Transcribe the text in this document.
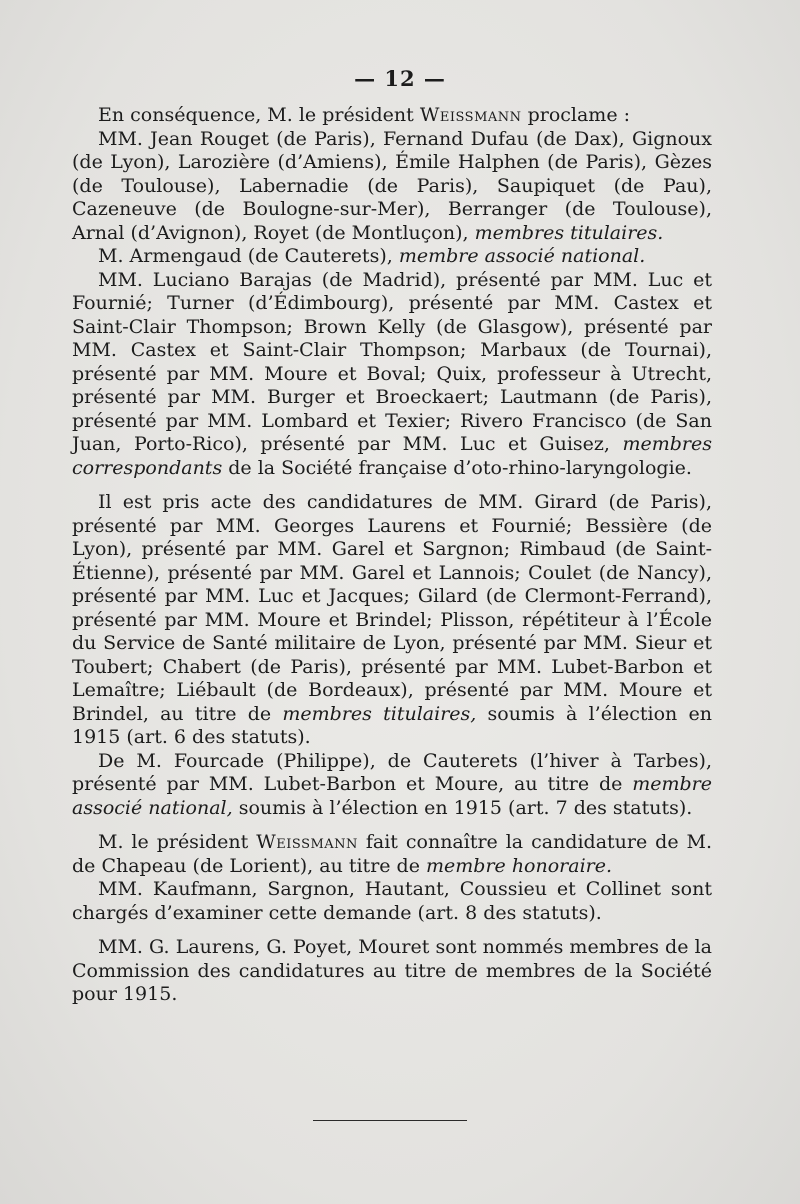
— 12 —

En conséquence, M. le président Weissmann proclame :

MM. Jean Rouget (de Paris), Fernand Dufau (de Dax), Gignoux (de Lyon), Larozière (d’Amiens), Émile Halphen (de Paris), Gèzes (de Toulouse), Labernadie (de Paris), Saupiquet (de Pau), Cazeneuve (de Boulogne-sur-Mer), Berranger (de Toulouse), Arnal (d’Avignon), Royet (de Montluçon), membres titulaires.

M. Armengaud (de Cauterets), membre associé national.

MM. Luciano Barajas (de Madrid), présenté par MM. Luc et Fournié; Turner (d’Édimbourg), présenté par MM. Castex et Saint-Clair Thompson; Brown Kelly (de Glasgow), présenté par MM. Castex et Saint-Clair Thompson; Marbaux (de Tournai), présenté par MM. Moure et Boval; Quix, professeur à Utrecht, présenté par MM. Burger et Broeckaert; Lautmann (de Paris), présenté par MM. Lombard et Texier; Rivero Francisco (de San Juan, Porto-Rico), présenté par MM. Luc et Guisez, membres correspondants de la Société française d’oto-rhino-laryngologie.

Il est pris acte des candidatures de MM. Girard (de Paris), présenté par MM. Georges Laurens et Fournié; Bessière (de Lyon), présenté par MM. Garel et Sargnon; Rimbaud (de Saint-Étienne), présenté par MM. Garel et Lannois; Coulet (de Nancy), présenté par MM. Luc et Jacques; Gilard (de Clermont-Ferrand), présenté par MM. Moure et Brindel; Plisson, répétiteur à l’École du Service de Santé militaire de Lyon, présenté par MM. Sieur et Toubert; Chabert (de Paris), présenté par MM. Lubet-Barbon et Lemaître; Liébault (de Bordeaux), présenté par MM. Moure et Brindel, au titre de membres titulaires, soumis à l’élection en 1915 (art. 6 des statuts).

De M. Fourcade (Philippe), de Cauterets (l’hiver à Tarbes), présenté par MM. Lubet-Barbon et Moure, au titre de membre associé national, soumis à l’élection en 1915 (art. 7 des statuts).

M. le président Weissmann fait connaître la candidature de M. de Chapeau (de Lorient), au titre de membre honoraire.

MM. Kaufmann, Sargnon, Hautant, Coussieu et Collinet sont chargés d’examiner cette demande (art. 8 des statuts).

MM. G. Laurens, G. Poyet, Mouret sont nommés membres de la Commission des candidatures au titre de membres de la Société pour 1915.
